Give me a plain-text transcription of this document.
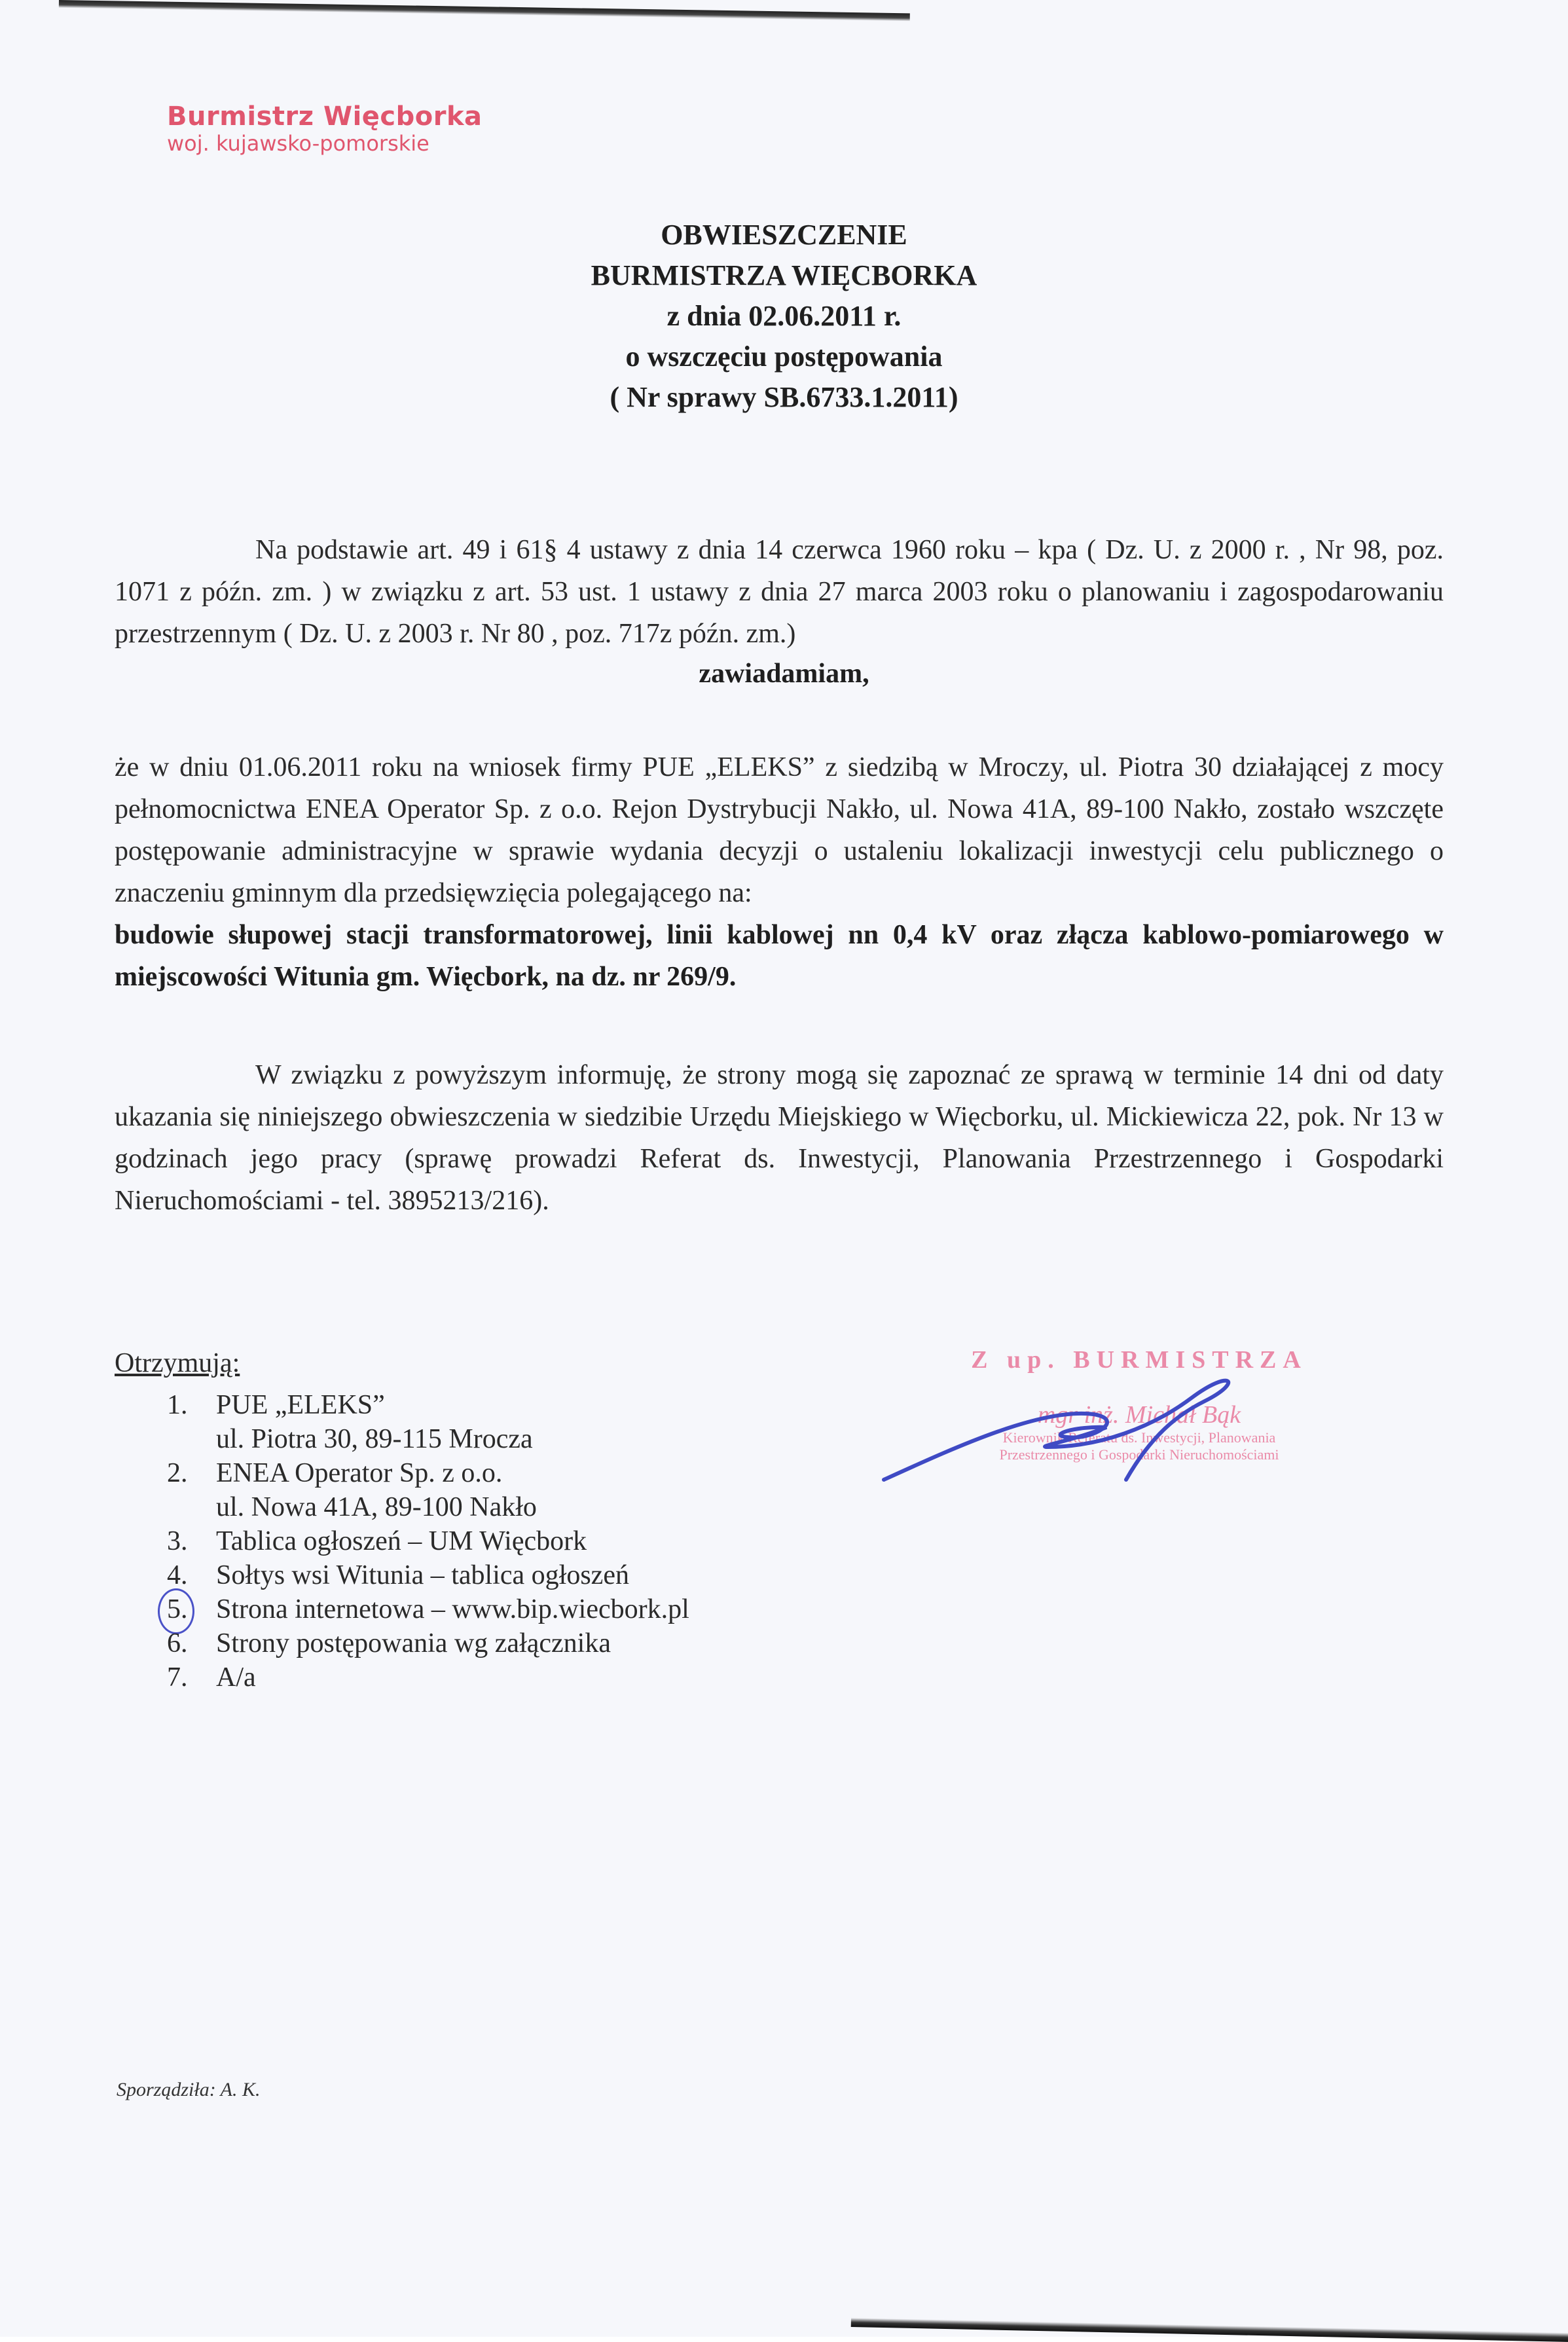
Burmistrz Więcborka
woj. kujawsko-pomorskie
OBWIESZCZENIE
BURMISTRZA WIĘCBORKA
z dnia 02.06.2011 r.
o wszczęciu postępowania
( Nr sprawy SB.6733.1.2011)

Na podstawie art. 49 i 61§ 4 ustawy z dnia 14 czerwca 1960 roku – kpa ( Dz. U. z 2000 r. , Nr 98, poz. 1071 z późn. zm. ) w związku z art. 53 ust. 1 ustawy z dnia 27 marca 2003 roku o planowaniu i zagospodarowaniu przestrzennym ( Dz. U. z 2003 r. Nr 80 , poz. 717z późn. zm.)

zawiadamiam,
że w dniu 01.06.2011 roku na wniosek firmy PUE „ELEKS” z siedzibą w Mroczy, ul. Piotra 30 działającej z mocy pełnomocnictwa ENEA Operator Sp. z o.o. Rejon Dystrybucji Nakło, ul. Nowa 41A, 89-100 Nakło, zostało wszczęte postępowanie administracyjne w sprawie wydania decyzji o ustaleniu lokalizacji inwestycji celu publicznego o znaczeniu gminnym dla przedsięwzięcia polegającego na:
budowie słupowej stacji transformatorowej, linii kablowej nn 0,4 kV oraz złącza kablowo-pomiarowego w miejscowości Witunia gm. Więcbork, na dz. nr 269/9.

W związku z powyższym informuję, że strony mogą się zapoznać ze sprawą w terminie 14 dni od daty ukazania się niniejszego obwieszczenia w siedzibie Urzędu Miejskiego w Więcborku, ul. Mickiewicza 22, pok. Nr 13 w godzinach jego pracy (sprawę prowadzi Referat ds. Inwestycji, Planowania Przestrzennego i Gospodarki Nieruchomościami - tel. 3895213/216).

Otrzymują:
1.	PUE „ELEKS”
ul. Piotra 30, 89-115 Mrocza
2.	ENEA Operator Sp. z o.o.
ul. Nowa 41A, 89-100 Nakło
3.	Tablica ogłoszeń – UM Więcbork
4.	Sołtys wsi Witunia – tablica ogłoszeń
5.	Strona internetowa – www.bip.wiecbork.pl
6.	Strony postępowania wg załącznika
7.	A/a
Z up. BURMISTRZA
mgr inż. Michał Bąk
Kierownik Referatu ds. Inwestycji, Planowania
Przestrzennego i Gospodarki Nieruchomościami
Sporządziła: A. K.
